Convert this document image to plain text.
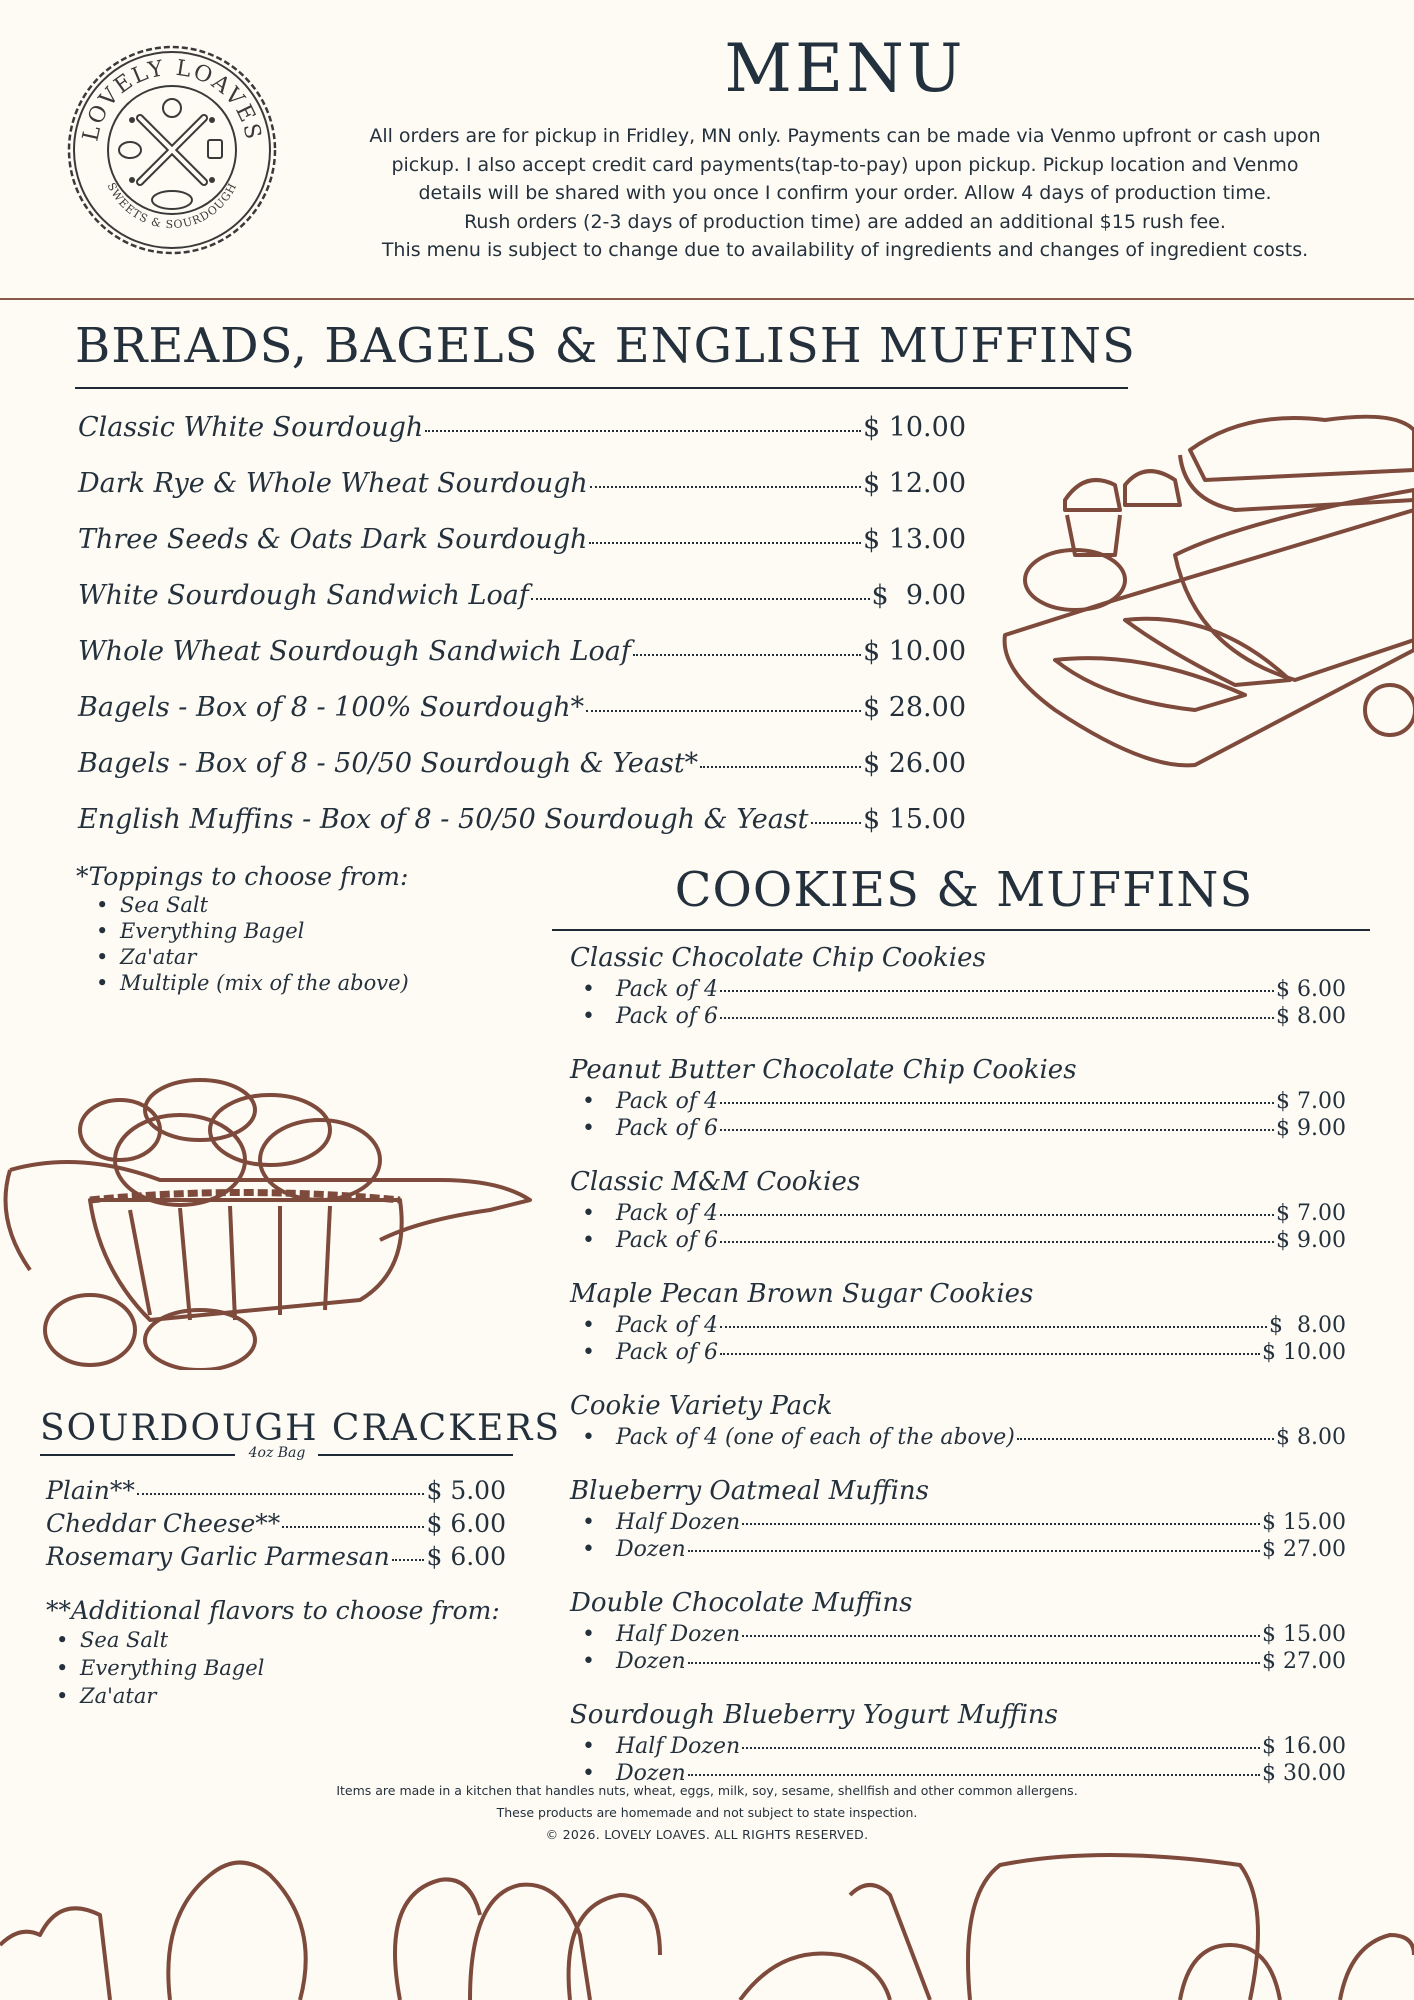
LOVELY LOAVES
SWEETS & SOURDOUGH
MENU
All orders are for pickup in Fridley, MN only. Payments can be made via Venmo upfront or cash upon
pickup. I also accept credit card payments(tap-to-pay) upon pickup. Pickup location and Venmo
details will be shared with you once I confirm your order. Allow 4 days of production time.
Rush orders (2-3 days of production time) are added an additional $15 rush fee.
This menu is subject to change due to availability of ingredients and changes of ingredient costs.
BREADS, BAGELS & ENGLISH MUFFINS
Classic White Sourdough	$ 10.00
Dark Rye & Whole Wheat Sourdough	$ 12.00
Three Seeds & Oats Dark Sourdough	$ 13.00
White Sourdough Sandwich Loaf	$  9.00
Whole Wheat Sourdough Sandwich Loaf	$ 10.00
Bagels - Box of 8 - 100% Sourdough*	$ 28.00
Bagels - Box of 8 - 50/50 Sourdough & Yeast*	$ 26.00
English Muffins - Box of 8 - 50/50 Sourdough & Yeast $ 15.00
*Toppings to choose from:
• Sea Salt
• Everything Bagel
• Za'atar
• Multiple (mix of the above)
COOKIES & MUFFINS
Classic Chocolate Chip Cookies
• Pack of 4	$ 6.00
• Pack of 6	$ 8.00
Peanut Butter Chocolate Chip Cookies
• Pack of 4	$ 7.00
• Pack of 6	$ 9.00
Classic M&M Cookies
• Pack of 4	$ 7.00
• Pack of 6	$ 9.00
Maple Pecan Brown Sugar Cookies
• Pack of 4	$  8.00
• Pack of 6	$ 10.00
Cookie Variety Pack
• Pack of 4 (one of each of the above)	$ 8.00
Blueberry Oatmeal Muffins
• Half Dozen	$ 15.00
• Dozen	$ 27.00
Double Chocolate Muffins
• Half Dozen	$ 15.00
• Dozen	$ 27.00
Sourdough Blueberry Yogurt Muffins
• Half Dozen	$ 16.00
• Dozen	$ 30.00
SOURDOUGH CRACKERS
4oz Bag
Plain**	$ 5.00
Cheddar Cheese**	$ 6.00
Rosemary Garlic Parmesan $ 6.00
**Additional flavors to choose from:
• Sea Salt
• Everything Bagel
• Za'atar
Items are made in a kitchen that handles nuts, wheat, eggs, milk, soy, sesame, shellfish and other common allergens.
These products are homemade and not subject to state inspection.
© 2026. LOVELY LOAVES. ALL RIGHTS RESERVED.
